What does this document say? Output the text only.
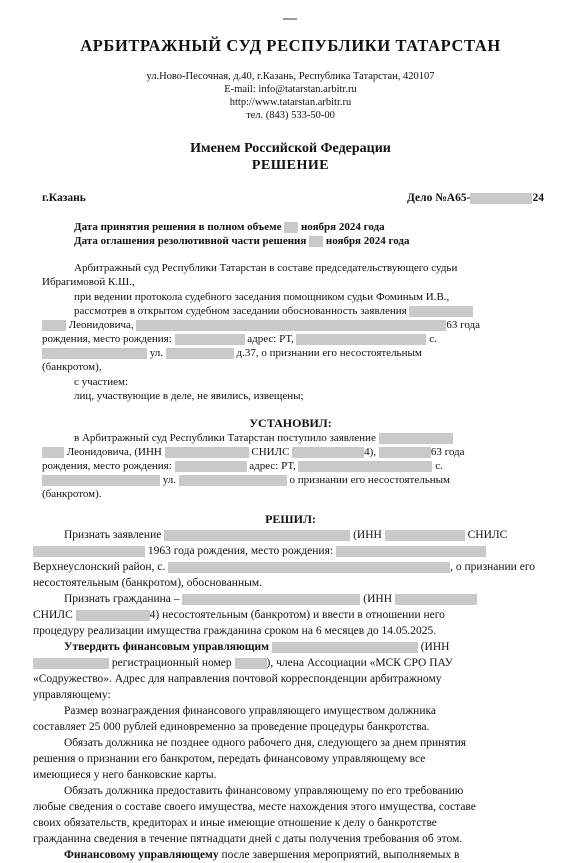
АРБИТРАЖНЫЙ СУД РЕСПУБЛИКИ ТАТАРСТАН
ул.Ново-Песочная, д.40, г.Казань, Республика Татарстан, 420107
E-mail: info@tatarstan.arbitr.ru
http://www.tatarstan.arbitr.ru
тел. (843) 533-50-00
Именем Российской Федерации
РЕШЕНИЕ
г.Казань	Дело №А65-	24
Дата принятия решения в полном объеме ноября 2024 года
Дата оглашения резолютивной части решения ноября 2024 года
Арбитражный суд Республики Татарстан в составе председательствующего судьи
Ибрагимовой К.Ш.,
при ведении протокола судебного заседания помощником судьи Фоминым И.В.,
рассмотрев в открытом судебном заседании обоснованность заявления
Леонидовича,	63 года
рождения, место рождения:	адрес: РТ,	с.
ул.	д.37, о признании его несостоятельным
(банкротом),
с участием:
лиц, участвующие в деле, не явились, извещены;
УСТАНОВИЛ:
в Арбитражный суд Республики Татарстан поступило заявление
Леонидовича, (ИНН	СНИЛС	4),	63 года
рождения, место рождения:	адрес: РТ,	с.
ул.	о признании его несостоятельным
(банкротом).
РЕШИЛ:
Признать заявление	(ИНН	СНИЛС
1963 года рождения, место рождения:
Верхнеуслонский район, с.	, о признании его
несостоятельным (банкротом), обоснованным.
Признать гражданина –	(ИНН
СНИЛС	4) несостоятельным (банкротом) и ввести в отношении него
процедуру реализации имущества гражданина сроком на 6 месяцев до 14.05.2025.
Утвердить финансовым управляющим	(ИНН
регистрационный номер	), члена Ассоциации «МСК СРО ПАУ
«Содружество». Адрес для направления почтовой корреспонденции арбитражному
управляющему:
Размер вознаграждения финансового управляющего имуществом должника
составляет 25 000 рублей единовременно за проведение процедуры банкротства.
Обязать должника не позднее одного рабочего дня, следующего за днем принятия
решения о признании его банкротом, передать финансовому управляющему все
имеющиеся у него банковские карты.
Обязать должника предоставить финансовому управляющему по его требованию
любые сведения о составе своего имущества, месте нахождения этого имущества, составе
своих обязательств, кредиторах и иные имеющие отношение к делу о банкротстве
гражданина сведения в течение пятнадцати дней с даты получения требования об этом.
Финансовому управляющему после завершения мероприятий, выполняемых в
